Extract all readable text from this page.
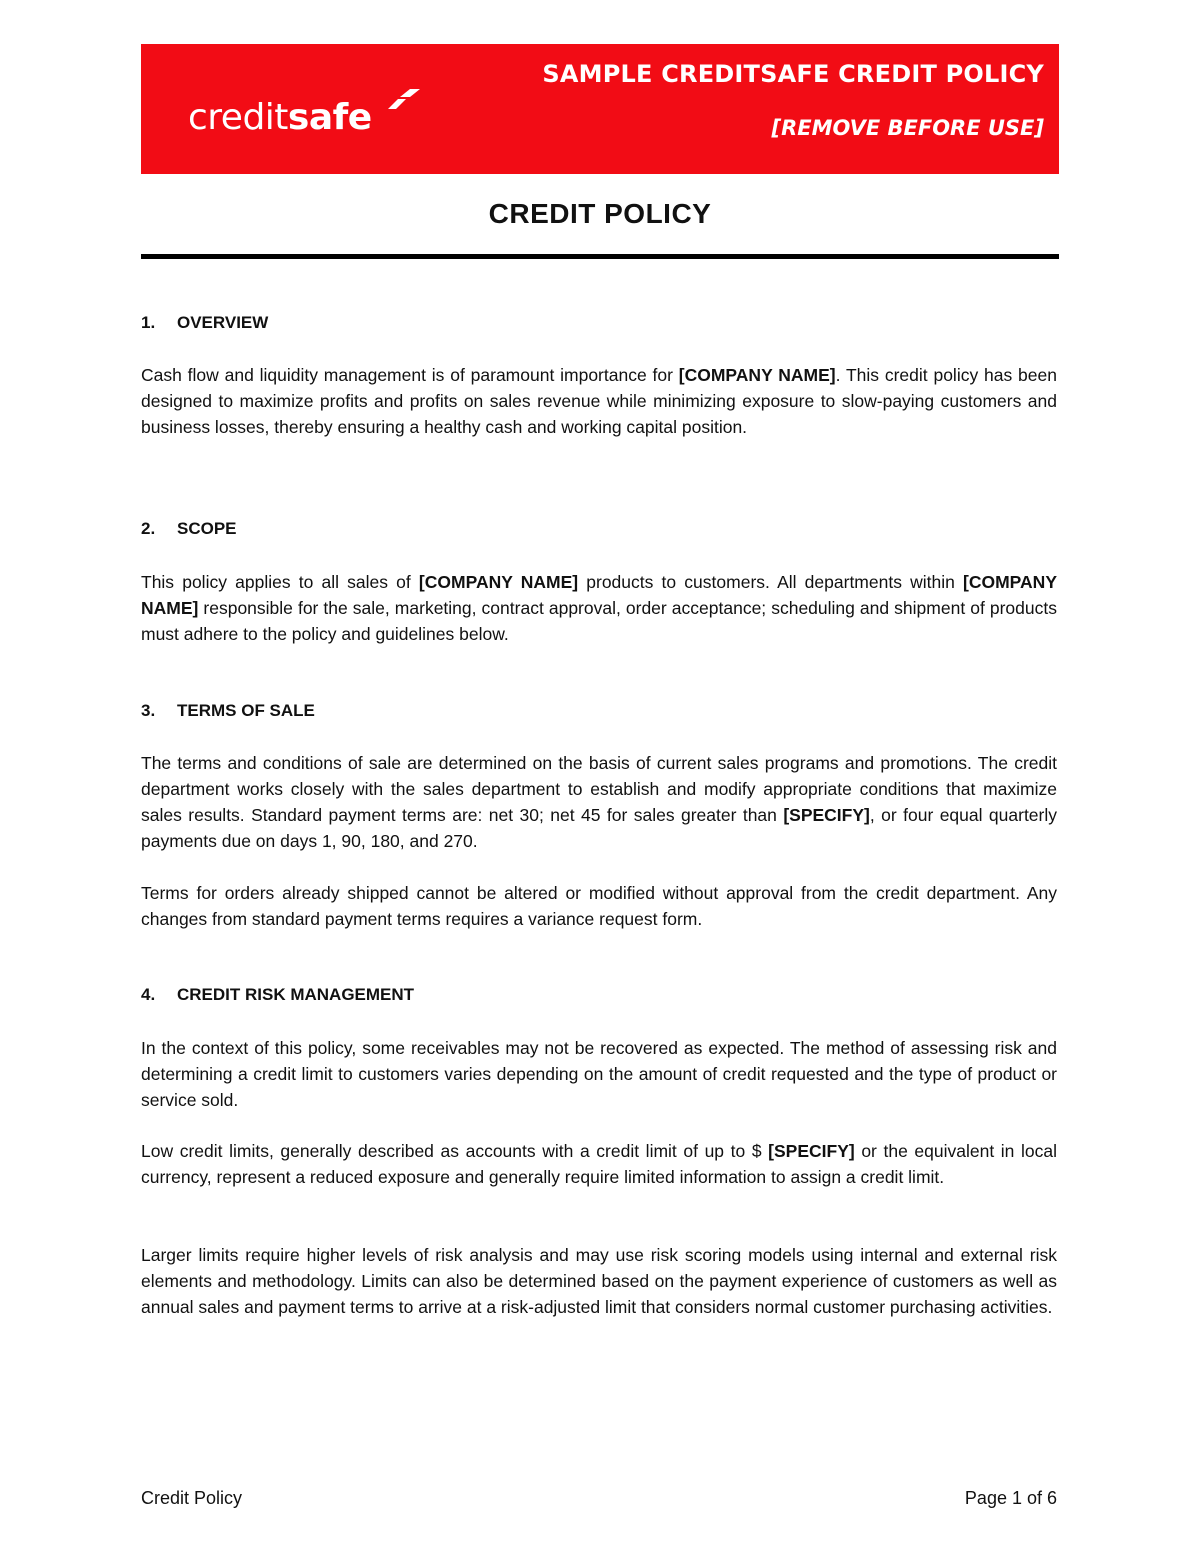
creditsafe
SAMPLE CREDITSAFE CREDIT POLICY
[REMOVE BEFORE USE]
CREDIT POLICY
1. OVERVIEW
Cash flow and liquidity management is of paramount importance for [COMPANY NAME]. This credit policy has been designed to maximize profits and profits on sales revenue while minimizing exposure to slow-paying customers and business losses, thereby ensuring a healthy cash and working capital position.
2. SCOPE
This policy applies to all sales of [COMPANY NAME] products to customers. All departments within [COMPANY NAME] responsible for the sale, marketing, contract approval, order acceptance; scheduling and shipment of products must adhere to the policy and guidelines below.
3. TERMS OF SALE
The terms and conditions of sale are determined on the basis of current sales programs and promotions. The credit department works closely with the sales department to establish and modify appropriate conditions that maximize sales results. Standard payment terms are: net 30; net 45 for sales greater than [SPECIFY], or four equal quarterly payments due on days 1, 90, 180, and 270.
Terms for orders already shipped cannot be altered or modified without approval from the credit department. Any changes from standard payment terms requires a variance request form.
4. CREDIT RISK MANAGEMENT
In the context of this policy, some receivables may not be recovered as expected. The method of assessing risk and determining a credit limit to customers varies depending on the amount of credit requested and the type of product or service sold.
Low credit limits, generally described as accounts with a credit limit of up to $ [SPECIFY] or the equivalent in local currency, represent a reduced exposure and generally require limited information to assign a credit limit.
Larger limits require higher levels of risk analysis and may use risk scoring models using internal and external risk elements and methodology. Limits can also be determined based on the payment experience of customers as well as annual sales and payment terms to arrive at a risk-adjusted limit that considers normal customer purchasing activities.
Credit Policy	Page 1 of 6
